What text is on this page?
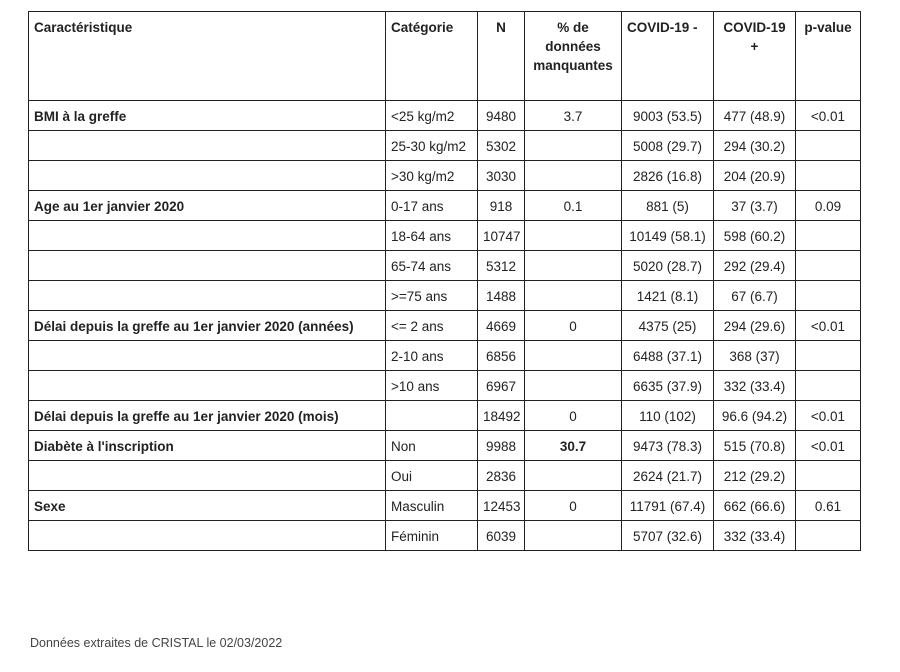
Caractéristique	Catégorie	N	% de données manquantes	COVID-19 -	COVID-19 +	p-value
BMI à la greffe	<25 kg/m2	9480	3.7	9003 (53.5)	477 (48.9)	<0.01
	25-30 kg/m2	5302		5008 (29.7)	294 (30.2)	
	>30 kg/m2	3030		2826 (16.8)	204 (20.9)	
Age au 1er janvier 2020	0-17 ans	918	0.1	881 (5)	37 (3.7)	0.09
	18-64 ans	10747		10149 (58.1)	598 (60.2)	
	65-74 ans	5312		5020 (28.7)	292 (29.4)	
	>=75 ans	1488		1421 (8.1)	67 (6.7)	
Délai depuis la greffe au 1er janvier 2020 (années)	<= 2 ans	4669	0	4375 (25)	294 (29.6)	<0.01
	2-10 ans	6856		6488 (37.1)	368 (37)	
	>10 ans	6967		6635 (37.9)	332 (33.4)	
Délai depuis la greffe au 1er janvier 2020 (mois)		18492	0	110 (102)	96.6 (94.2)	<0.01
Diabète à l'inscription	Non	9988	30.7	9473 (78.3)	515 (70.8)	<0.01
	Oui	2836		2624 (21.7)	212 (29.2)	
Sexe	Masculin	12453	0	11791 (67.4)	662 (66.6)	0.61
	Féminin	6039		5707 (32.6)	332 (33.4)	
Données extraites de CRISTAL le 02/03/2022
